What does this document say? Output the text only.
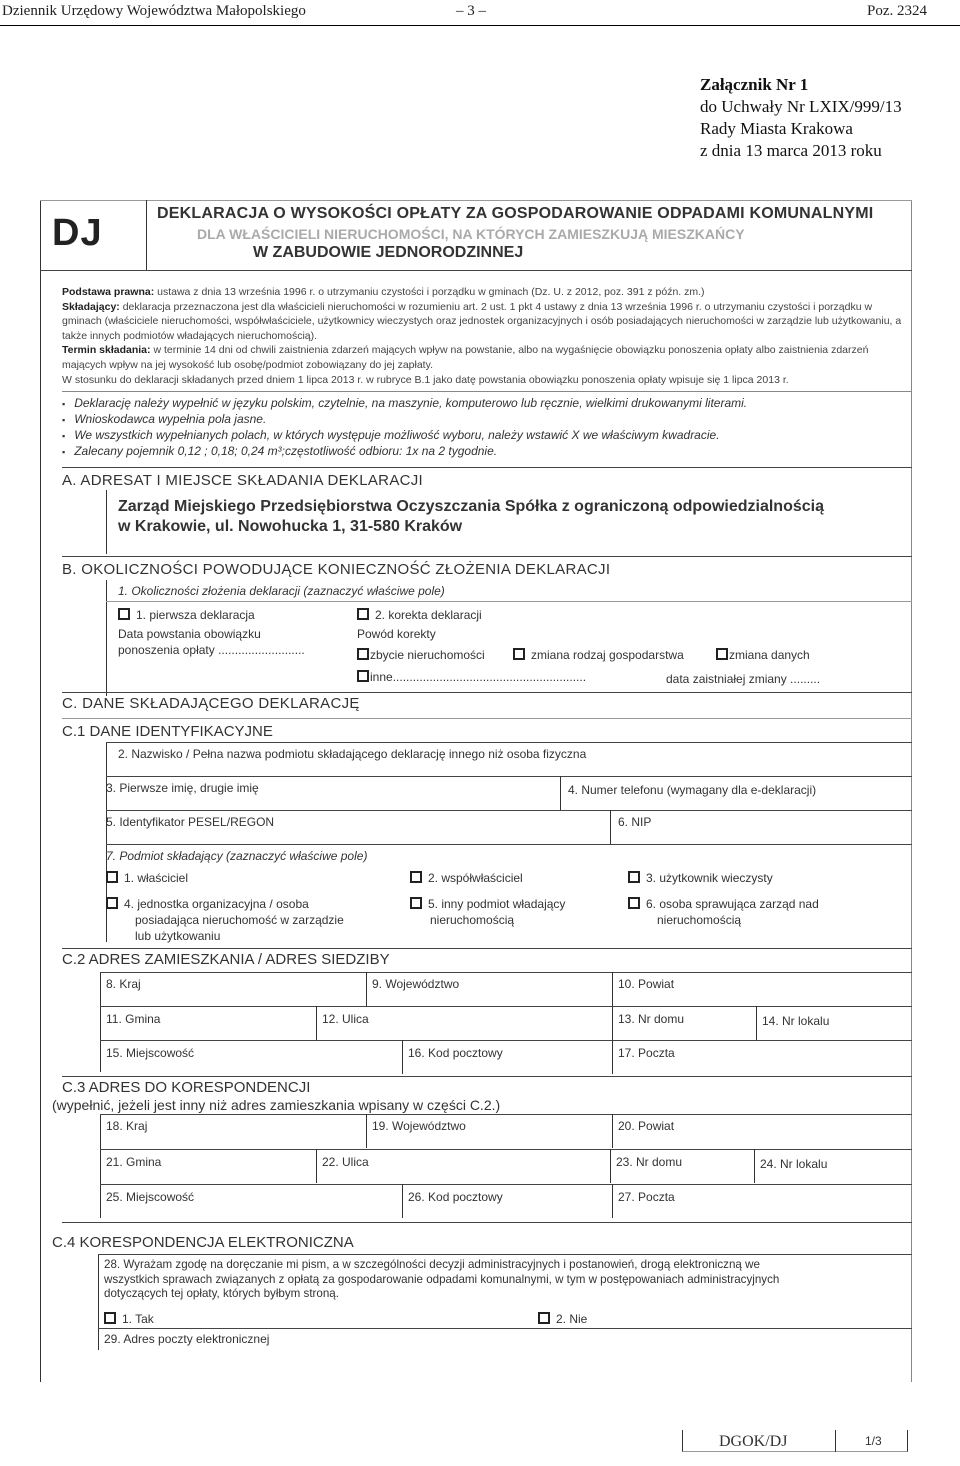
Dziennik Urzędowy Województwa Małopolskiego	– 3 –	Poz. 2324
Załącznik Nr 1
do Uchwały Nr LXIX/999/13
Rady Miasta Krakowa
z dnia 13 marca 2013 roku
DJ	DEKLARACJA O WYSOKOŚCI OPŁATY ZA GOSPODAROWANIE ODPADAMI KOMUNALNYMI
DLA WŁAŚCICIELI NIERUCHOMOŚCI, NA KTÓRYCH ZAMIESZKUJĄ MIESZKAŃCY
W ZABUDOWIE JEDNORODZINNEJ
Podstawa prawna: ustawa z dnia 13 września 1996 r. o utrzymaniu czystości i porządku w gminach (Dz. U. z 2012, poz. 391 z późn. zm.)
Składający: deklaracja przeznaczona jest dla właścicieli nieruchomości w rozumieniu art. 2 ust. 1 pkt 4 ustawy z dnia 13 września 1996 r. o utrzymaniu czystości i porządku w gminach (właściciele nieruchomości, współwłaściciele, użytkownicy wieczystych oraz jednostek organizacyjnych i osób posiadających nieruchomości w zarządzie lub użytkowaniu, a także innych podmiotów władających nieruchomością).
Termin składania: w terminie 14 dni od chwili zaistnienia zdarzeń mających wpływ na powstanie, albo na wygaśnięcie obowiązku ponoszenia opłaty albo zaistnienia zdarzeń mających wpływ na jej wysokość lub osobę/podmiot zobowiązany do jej zapłaty.
W stosunku do deklaracji składanych przed dniem 1 lipca 2013 r. w rubryce B.1 jako datę powstania obowiązku ponoszenia opłaty wpisuje się 1 lipca 2013 r.
▪ Deklarację należy wypełnić w języku polskim, czytelnie, na maszynie, komputerowo lub ręcznie, wielkimi drukowanymi literami.
▪ Wnioskodawca wypełnia pola jasne.
▪ We wszystkich wypełnianych polach, w których występuje możliwość wyboru, należy wstawić X we właściwym kwadracie.
▪ Zalecany pojemnik 0,12 ; 0,18; 0,24 m³;częstotliwość odbioru: 1x na 2 tygodnie.
A. ADRESAT I MIEJSCE SKŁADANIA DEKLARACJI
Zarząd Miejskiego Przedsiębiorstwa Oczyszczania Spółka z ograniczoną odpowiedzialnością
w Krakowie, ul. Nowohucka 1, 31-580 Kraków
B. OKOLICZNOŚCI POWODUJĄCE KONIECZNOŚĆ ZŁOŻENIA DEKLARACJI
1. Okoliczności złożenia deklaracji (zaznaczyć właściwe pole)
1. pierwsza deklaracja
Data powstania obowiązku
ponoszenia opłaty ..........................
2. korekta deklaracji
Powód korekty
zbycie nieruchomości	zmiana rodzaj gospodarstwa	zmiana danych
inne..........................................................	data zaistniałej zmiany .........
C. DANE SKŁADAJĄCEGO DEKLARACJĘ
C.1 DANE IDENTYFIKACYJNE
2. Nazwisko / Pełna nazwa podmiotu składającego deklarację innego niż osoba fizyczna
3. Pierwsze imię, drugie imię	4. Numer telefonu (wymagany dla e-deklaracji)
5. Identyfikator PESEL/REGON	6. NIP
7. Podmiot składający (zaznaczyć właściwe pole)
1. właściciel	2. współwłaściciel	3. użytkownik wieczysty
4. jednostka organizacyjna / osoba
posiadająca nieruchomość w zarządzie
lub użytkowaniu
5. inny podmiot władający
nieruchomością
6. osoba sprawująca zarząd nad
nieruchomością
C.2 ADRES ZAMIESZKANIA / ADRES SIEDZIBY
8. Kraj	9. Województwo	10. Powiat
11. Gmina	12. Ulica	13. Nr domu	14. Nr lokalu
15. Miejscowość	16. Kod pocztowy	17. Poczta
C.3 ADRES DO KORESPONDENCJI
(wypełnić, jeżeli jest inny niż adres zamieszkania wpisany w części C.2.)
18. Kraj	19. Województwo	20. Powiat
21. Gmina	22. Ulica	23. Nr domu	24. Nr lokalu
25. Miejscowość	26. Kod pocztowy	27. Poczta
C.4 KORESPONDENCJA ELEKTRONICZNA
28. Wyrażam zgodę na doręczanie mi pism, a w szczególności decyzji administracyjnych i postanowień, drogą elektroniczną we
wszystkich sprawach związanych z opłatą za gospodarowanie odpadami komunalnymi, w tym w postępowaniach administracyjnych
dotyczących tej opłaty, których byłbym stroną.
1. Tak	2. Nie
29. Adres poczty elektronicznej
DGOK/DJ	1/3
